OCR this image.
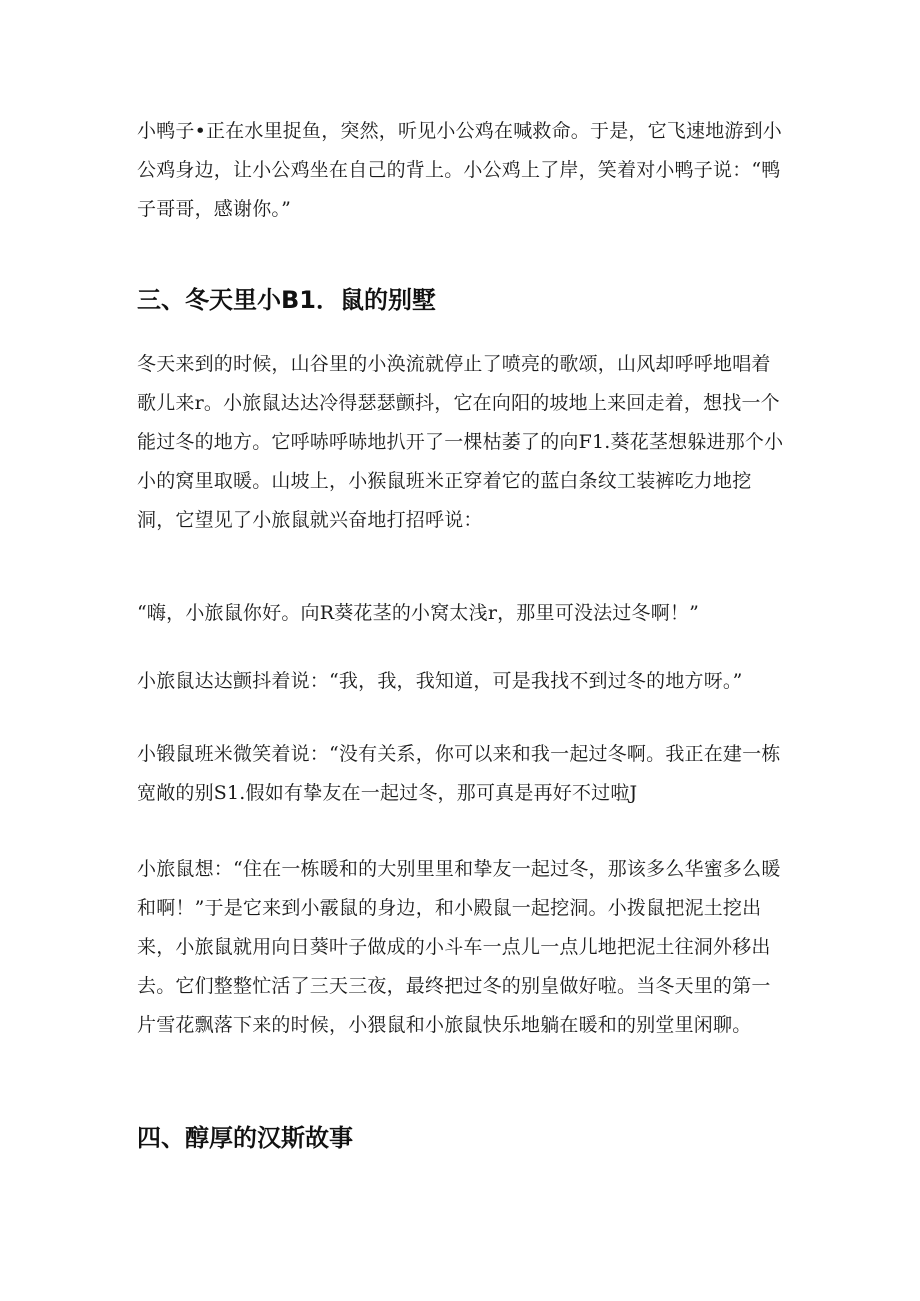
小鸭子•正在水里捉鱼，突然，听见小公鸡在喊救命。于是，它飞速地游到小公鸡身边，让小公鸡坐在自己的背上。小公鸡上了岸，笑着对小鸭子说：“鸭子哥哥，感谢你。”

三、冬天里小B1．鼠的别墅

冬天来到的时候，山谷里的小涣流就停止了喷亮的歌颂，山风却呼呼地唱着歌儿来r。小旅鼠达达冷得瑟瑟颤抖，它在向阳的坡地上来回走着，想找一个能过冬的地方。它呼哧呼哧地扒开了一棵枯萎了的向F1.葵花茎想躲进那个小小的窝里取暖。山坡上，小猴鼠班米正穿着它的蓝白条纹工装裤吃力地挖洞，它望见了小旅鼠就兴奋地打招呼说：

“嗨，小旅鼠你好。向R葵花茎的小窝太浅r，那里可没法过冬啊！”

小旅鼠达达颤抖着说：“我，我，我知道，可是我找不到过冬的地方呀。”

小锻鼠班米微笑着说：“没有关系，你可以来和我一起过冬啊。我正在建一栋宽敞的别S1.假如有挚友在一起过冬，那可真是再好不过啦J

小旅鼠想：“住在一栋暖和的大别里里和挚友一起过冬，那该多么华蜜多么暖和啊！”于是它来到小霰鼠的身边，和小殿鼠一起挖洞。小拨鼠把泥土挖出来，小旅鼠就用向日葵叶子做成的小斗车一点儿一点儿地把泥土往洞外移出去。它们整整忙活了三天三夜，最终把过冬的别皇做好啦。当冬天里的第一片雪花飘落下来的时候，小猥鼠和小旅鼠快乐地躺在暖和的别堂里闲聊。

四、醇厚的汉斯故事
